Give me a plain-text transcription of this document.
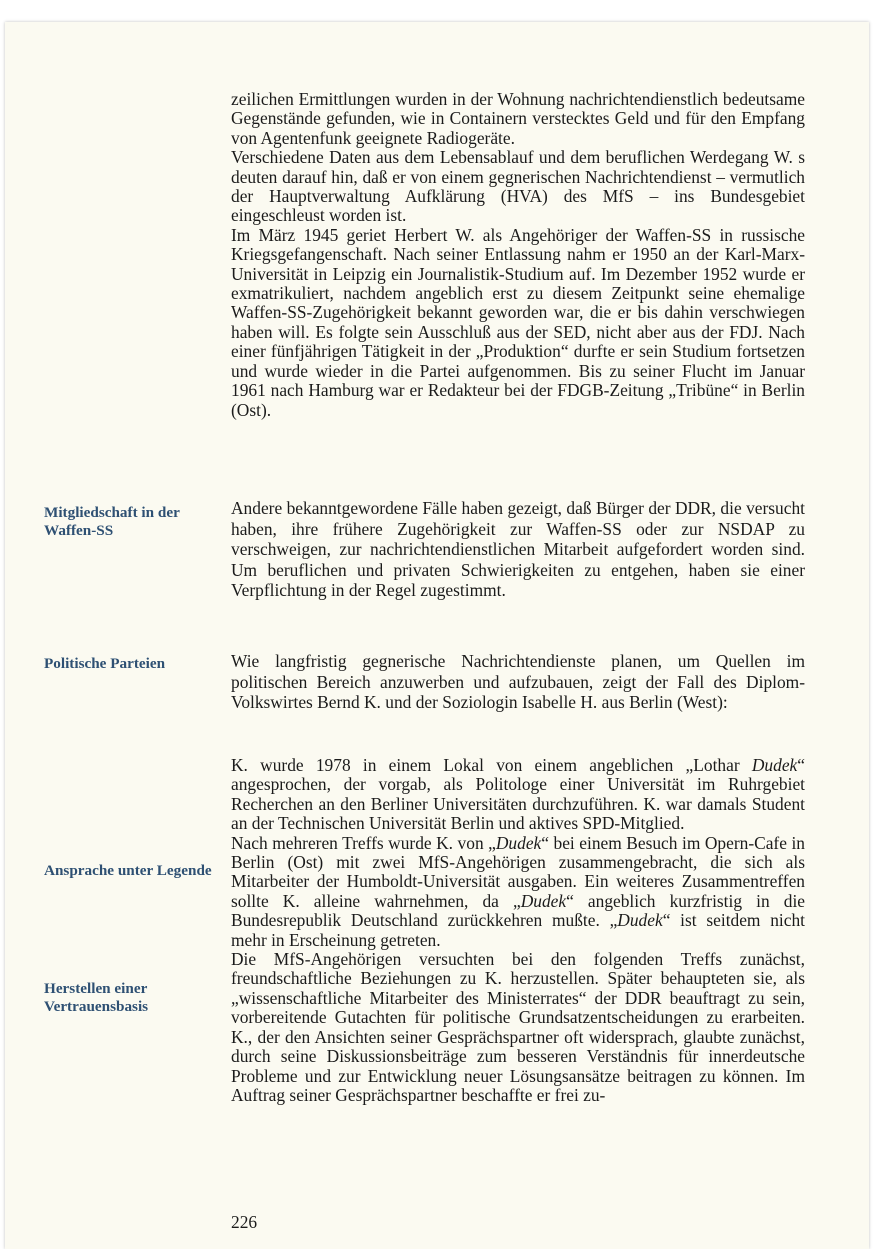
zeilichen Ermittlungen wurden in der Wohnung nachrichtendienstlich bedeutsame Gegenstände gefunden, wie in Containern verstecktes Geld und für den Empfang von Agentenfunk geeignete Radiogeräte.

Verschiedene Daten aus dem Lebensablauf und dem beruflichen Werdegang W. s deuten darauf hin, daß er von einem gegnerischen Nachrichtendienst – vermutlich der Hauptverwaltung Aufklärung (HVA) des MfS – ins Bundesgebiet eingeschleust worden ist.

Im März 1945 geriet Herbert W. als Angehöriger der Waffen-SS in russische Kriegsgefangenschaft. Nach seiner Entlassung nahm er 1950 an der Karl-Marx-Universität in Leipzig ein Journalistik-Studium auf. Im Dezember 1952 wurde er exmatrikuliert, nachdem angeblich erst zu diesem Zeitpunkt seine ehemalige Waffen-SS-Zugehörigkeit bekannt geworden war, die er bis dahin verschwiegen haben will. Es folgte sein Ausschluß aus der SED, nicht aber aus der FDJ. Nach einer fünfjährigen Tätigkeit in der „Produktion“ durfte er sein Studium fortsetzen und wurde wieder in die Partei aufgenommen. Bis zu seiner Flucht im Januar 1961 nach Hamburg war er Redakteur bei der FDGB-Zeitung „Tribüne“ in Berlin (Ost).

Mitgliedschaft in der Waffen-SS

Andere bekanntgewordene Fälle haben gezeigt, daß Bürger der DDR, die versucht haben, ihre frühere Zugehörigkeit zur Waffen-SS oder zur NSDAP zu verschweigen, zur nachrichtendienstlichen Mitarbeit aufgefordert worden sind. Um beruflichen und privaten Schwierigkeiten zu entgehen, haben sie einer Verpflichtung in der Regel zugestimmt.

Politische Parteien	Wie langfristig gegnerische Nachrichtendienste planen, um Quellen im politischen Bereich anzuwerben und aufzubauen, zeigt der Fall des Diplom-Volkswirtes Bernd K. und der Soziologin Isabelle H. aus Berlin (West):

K. wurde 1978 in einem Lokal von einem angeblichen „Lothar Dudek“ angesprochen, der vorgab, als Politologe einer Universität im Ruhrgebiet Recherchen an den Berliner Universitäten durchzuführen. K. war damals Student an der Technischen Universität Berlin und aktives SPD-Mitglied.

Nach mehreren Treffs wurde K. von „Dudek“ bei einem Besuch im Opern-Cafe in Berlin (Ost) mit zwei MfS-Angehörigen zusammengebracht, die sich als Mitarbeiter der Humboldt-Universität ausgaben. Ein weiteres Zusammentreffen sollte K. alleine wahrnehmen, da „Dudek“ angeblich kurzfristig in die Bundesrepublik Deutschland zurückkehren mußte. „Dudek“ ist seitdem nicht mehr in Erscheinung getreten.

Die MfS-Angehörigen versuchten bei den folgenden Treffs zunächst, freundschaftliche Beziehungen zu K. herzustellen. Später behaupteten sie, als „wissenschaftliche Mitarbeiter des Ministerrates“ der DDR beauftragt zu sein, vorbereitende Gutachten für politische Grundsatzentscheidungen zu erarbeiten. K., der den Ansichten seiner Gesprächspartner oft widersprach, glaubte zunächst, durch seine Diskussionsbeiträge zum besseren Verständnis für innerdeutsche Probleme und zur Entwicklung neuer Lösungsansätze beitragen zu können. Im Auftrag seiner Gesprächspartner beschaffte er frei zu-

Ansprache unter Legende
Herstellen einer Vertrauensbasis
226
